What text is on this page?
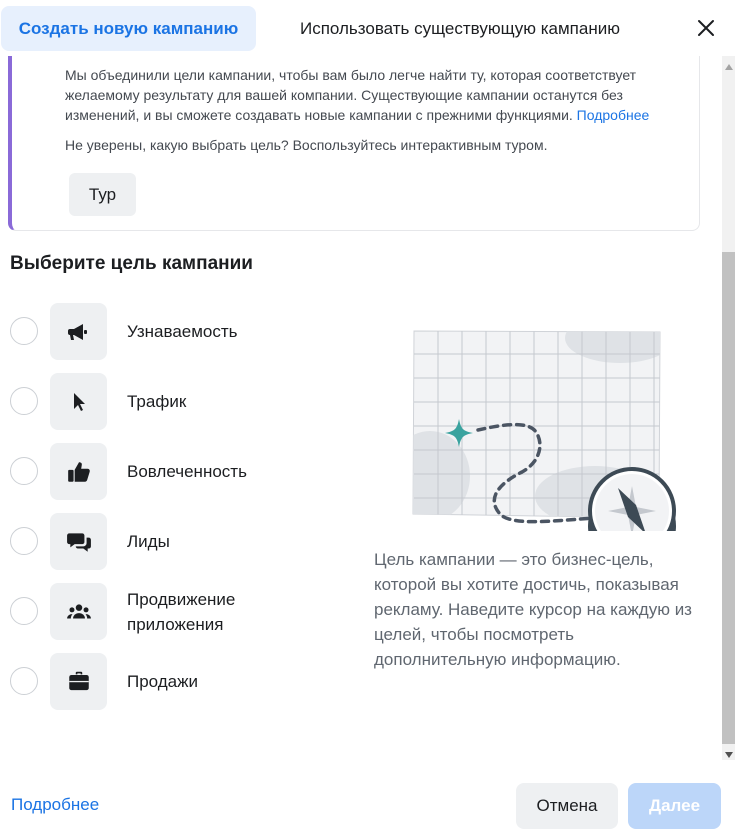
Создать новую кампанию	Использовать существующую кампанию
Мы объединили цели кампании, чтобы вам было легче найти ту, которая соответствует желаемому результату для вашей компании. Существующие кампании останутся без изменений, и вы сможете создавать новые кампании с прежними функциями. Подробнее
Не уверены, какую выбрать цель? Воспользуйтесь интерактивным туром.
Тур
Выберите цель кампании
Узнаваемость
Трафик
Вовлеченность
Лиды
Продвижение приложения
Продажи
Цель кампании — это бизнес-цель, которой вы хотите достичь, показывая рекламу. Наведите курсор на каждую из целей, чтобы посмотреть дополнительную информацию.
Подробнее	Отмена	Далее
